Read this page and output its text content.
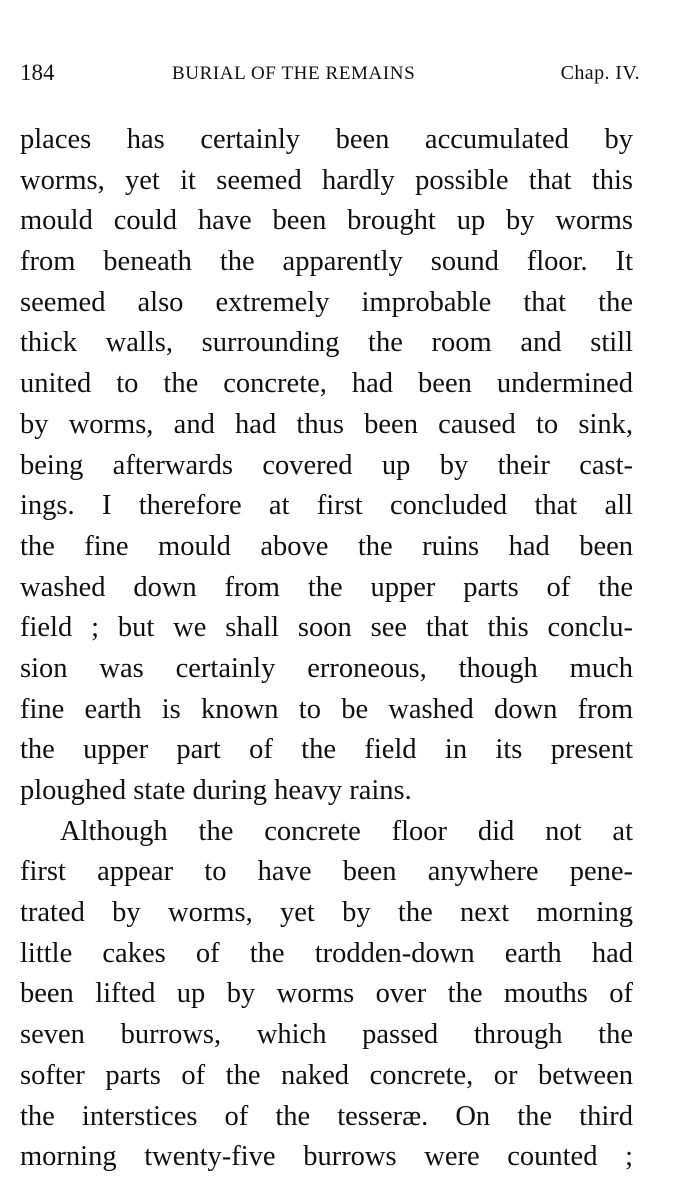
184	BURIAL OF THE REMAINS	Chap. IV.
places has certainly been accumulated by
worms, yet it seemed hardly possible that this
mould could have been brought up by worms
from beneath the apparently sound floor. It
seemed also extremely improbable that the
thick walls, surrounding the room and still
united to the concrete, had been undermined
by worms, and had thus been caused to sink,
being afterwards covered up by their cast-
ings. I therefore at first concluded that all
the fine mould above the ruins had been
washed down from the upper parts of the
field ; but we shall soon see that this conclu-
sion was certainly erroneous, though much
fine earth is known to be washed down from
the upper part of the field in its present
ploughed state during heavy rains.
Although the concrete floor did not at
first appear to have been anywhere pene-
trated by worms, yet by the next morning
little cakes of the trodden-down earth had
been lifted up by worms over the mouths of
seven burrows, which passed through the
softer parts of the naked concrete, or between
the interstices of the tesseræ. On the third
morning twenty-five burrows were counted ;
